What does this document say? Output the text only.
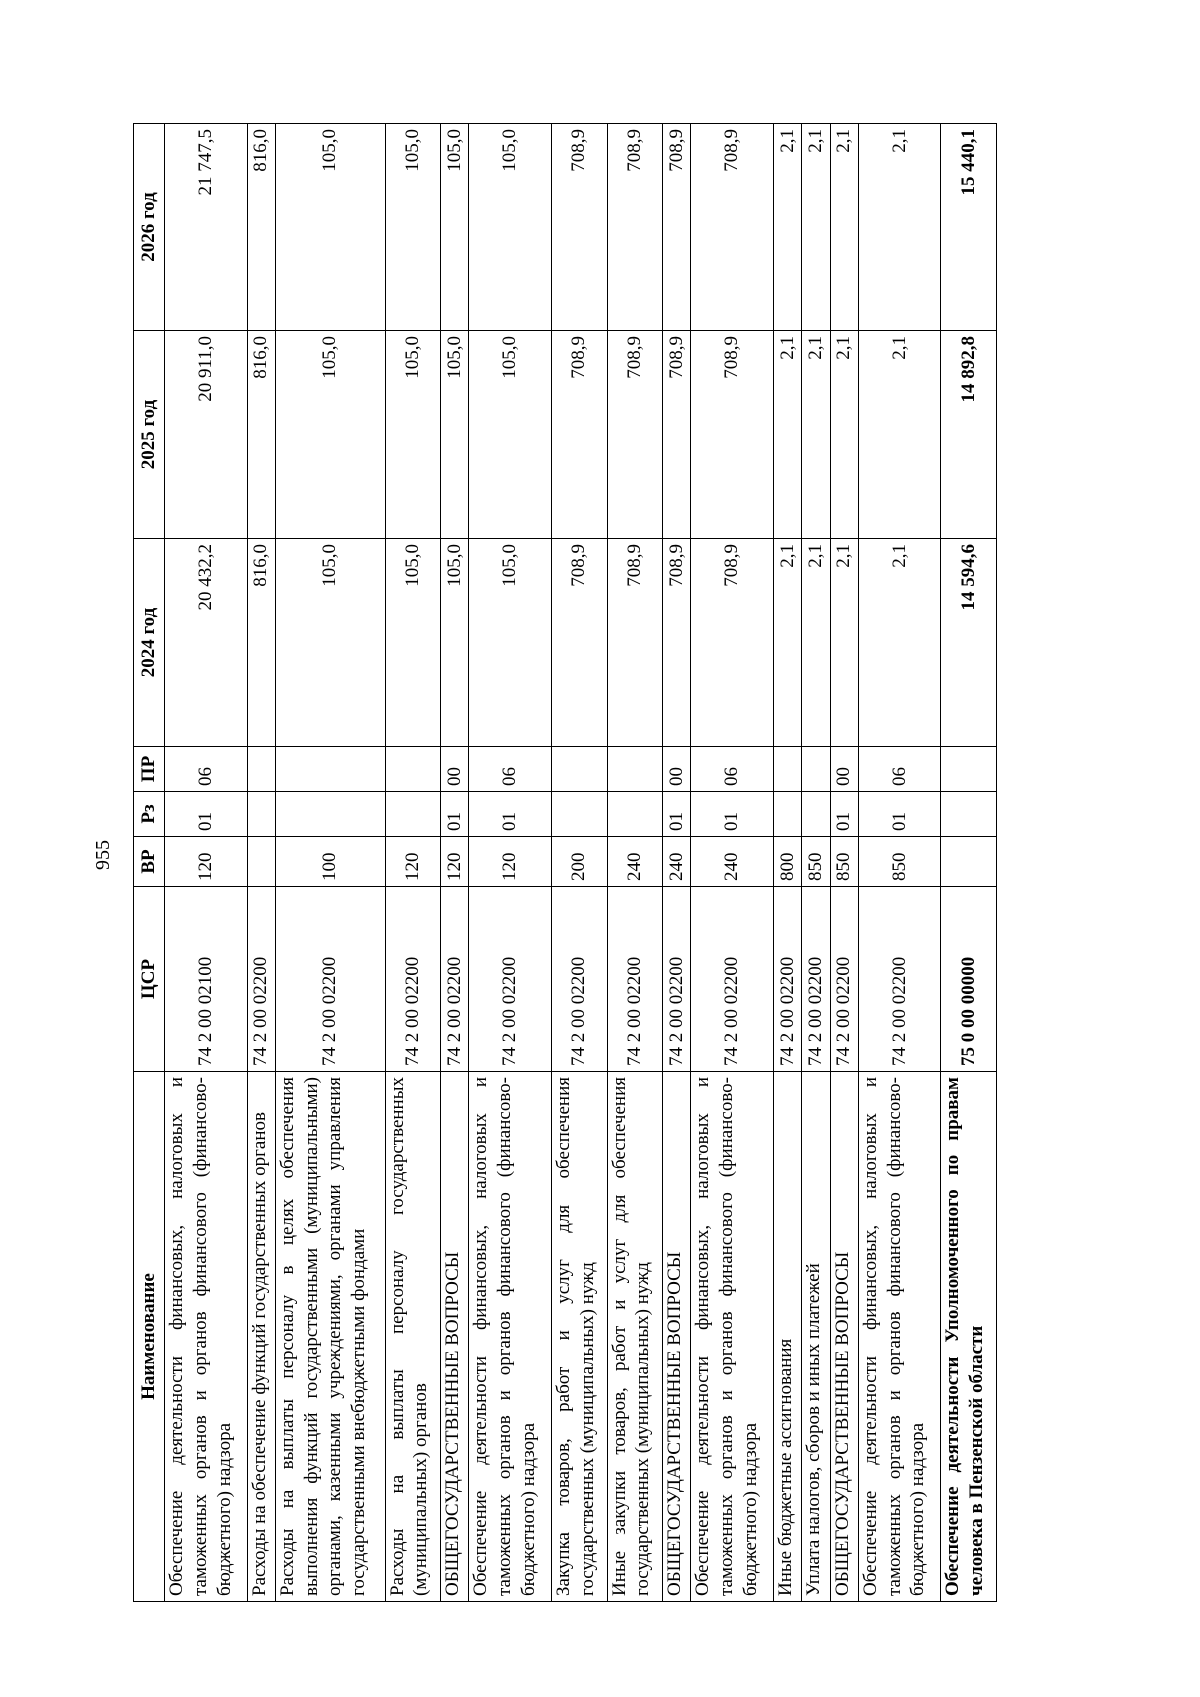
955
Наименование	ЦСР	ВР	Рз	ПР	2024 год	2025 год	2026 год
Обеспечение деятельности финансовых, налоговых и таможенных органов и органов финансового (финансово-бюджетного) надзора	74 2 00 02100	120	01	06	20 432,2	20 911,0	21 747,5
Расходы на обеспечение функций государственных органов	74 2 00 02200				816,0	816,0	816,0
Расходы на выплаты персоналу в целях обеспечения выполнения функций государственными (муниципальными) органами, казенными учреждениями, органами управления государственными внебюджетными фондами	74 2 00 02200	100			105,0	105,0	105,0
Расходы на выплаты персоналу государственных (муниципальных) органов	74 2 00 02200	120			105,0	105,0	105,0
ОБЩЕГОСУДАРСТВЕННЫЕ ВОПРОСЫ	74 2 00 02200	120	01	00	105,0	105,0	105,0
Обеспечение деятельности финансовых, налоговых и таможенных органов и органов финансового (финансово-бюджетного) надзора	74 2 00 02200	120	01	06	105,0	105,0	105,0
Закупка товаров, работ и услуг для обеспечения государственных (муниципальных) нужд	74 2 00 02200	200			708,9	708,9	708,9
Иные закупки товаров, работ и услуг для обеспечения государственных (муниципальных) нужд	74 2 00 02200	240			708,9	708,9	708,9
ОБЩЕГОСУДАРСТВЕННЫЕ ВОПРОСЫ	74 2 00 02200	240	01	00	708,9	708,9	708,9
Обеспечение деятельности финансовых, налоговых и таможенных органов и органов финансового (финансово-бюджетного) надзора	74 2 00 02200	240	01	06	708,9	708,9	708,9
Иные бюджетные ассигнования	74 2 00 02200	800			2,1	2,1	2,1
Уплата налогов, сборов и иных платежей	74 2 00 02200	850			2,1	2,1	2,1
ОБЩЕГОСУДАРСТВЕННЫЕ ВОПРОСЫ	74 2 00 02200	850	01	00	2,1	2,1	2,1
Обеспечение деятельности финансовых, налоговых и таможенных органов и органов финансового (финансово-бюджетного) надзора	74 2 00 02200	850	01	06	2,1	2,1	2,1
Обеспечение деятельности Уполномоченного по правам человека в Пензенской области	75 0 00 00000				14 594,6	14 892,8	15 440,1
